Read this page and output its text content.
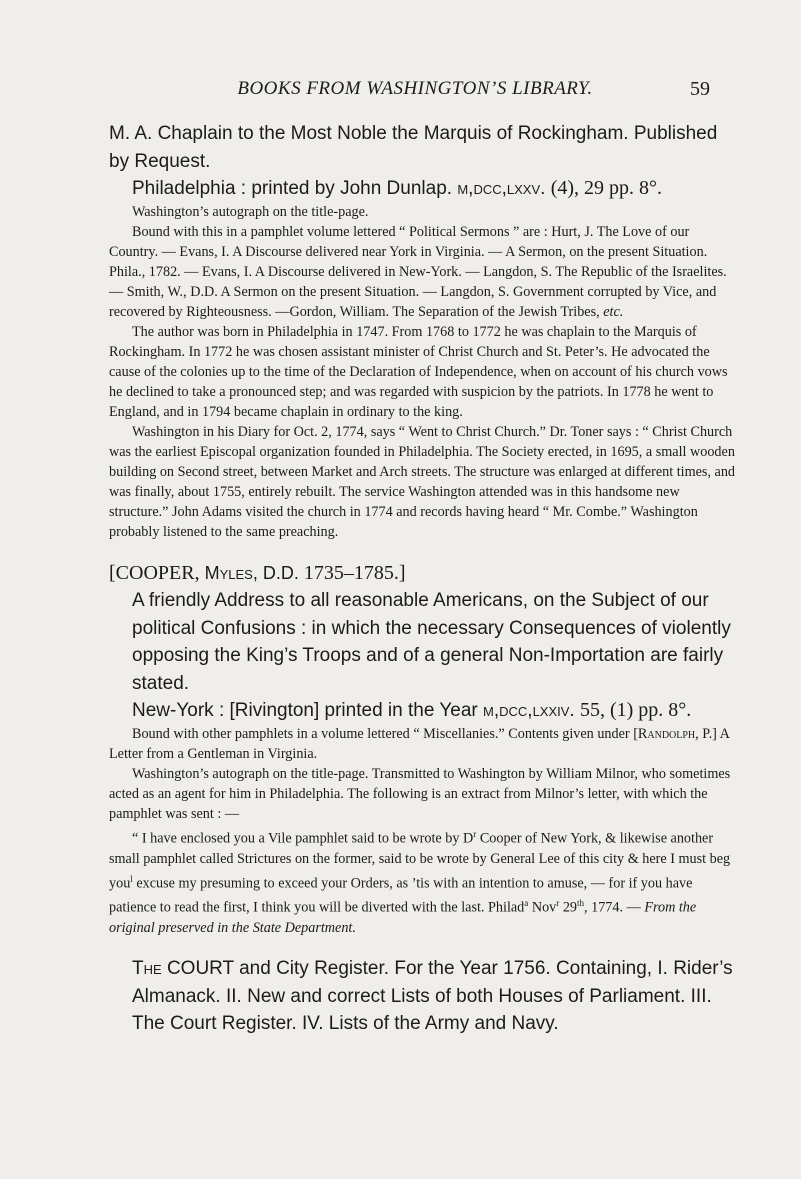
BOOKS FROM WASHINGTON’S LIBRARY.	59
M. A. Chaplain to the Most Noble the Marquis of Rockingham. Published
by Request.
Philadelphia : printed by John Dunlap. m,dcc,lxxv. (4), 29 pp. 8°.
Washington’s autograph on the title-page.
Bound with this in a pamphlet volume lettered “ Political Sermons ” are : Hurt, J. The Love of our Country. — Evans, I. A Discourse delivered near York in Virginia. — A Sermon, on the present Situation. Phila., 1782. — Evans, I. A Discourse delivered in New-York. — Langdon, S. The Republic of the Israelites. — Smith, W., D.D. A Sermon on the present Situation. — Langdon, S. Government corrupted by Vice, and recovered by Righteousness. —Gordon, William. The Separation of the Jewish Tribes, etc.
The author was born in Philadelphia in 1747. From 1768 to 1772 he was chaplain to the Marquis of Rockingham. In 1772 he was chosen assistant minister of Christ Church and St. Peter’s. He advocated the cause of the colonies up to the time of the Declaration of Independence, when on account of his church vows he declined to take a pronounced step; and was regarded with suspicion by the patriots. In 1778 he went to England, and in 1794 became chaplain in ordinary to the king.
Washington in his Diary for Oct. 2, 1774, says “ Went to Christ Church.” Dr. Toner says : “ Christ Church was the earliest Episcopal organization founded in Philadelphia. The Society erected, in 1695, a small wooden building on Second street, between Market and Arch streets. The structure was enlarged at different times, and was finally, about 1755, entirely rebuilt. The service Washington attended was in this handsome new structure.” John Adams visited the church in 1774 and records having heard “ Mr. Combe.” Washington probably listened to the same preaching.
[COOPER, Myles, D.D. 1735–1785.]
A friendly Address to all reasonable Americans, on the Subject of our political Confusions : in which the necessary Consequences of violently opposing the King’s Troops and of a general Non-Importation are fairly stated.
New-York : [Rivington] printed in the Year m,dcc,lxxiv. 55, (1) pp. 8°.
Bound with other pamphlets in a volume lettered “ Miscellanies.” Contents given under [Randolph, P.] A Letter from a Gentleman in Virginia.
Washington’s autograph on the title-page. Transmitted to Washington by William Milnor, who sometimes acted as an agent for him in Philadelphia. The following is an extract from Milnor’s letter, with which the pamphlet was sent : —
“ I have enclosed you a Vile pamphlet said to be wrote by $D^r$ Cooper of New York, & likewise another small pamphlet called Strictures on the former, said to be wrote by General Lee of this city & here I must beg you$^l$ excuse my presuming to exceed your Orders, as ’tis with an intention to amuse, — for if you have patience to read the first, I think you will be diverted with the last. Philad$^a$ Nov$^r$ 29th, 1774. — From the original preserved in the State Department.
The COURT and City Register. For the Year 1756. Containing, I. Rider’s Almanack. II. New and correct Lists of both Houses of Parliament. III. The Court Register. IV. Lists of the Army and Navy.
